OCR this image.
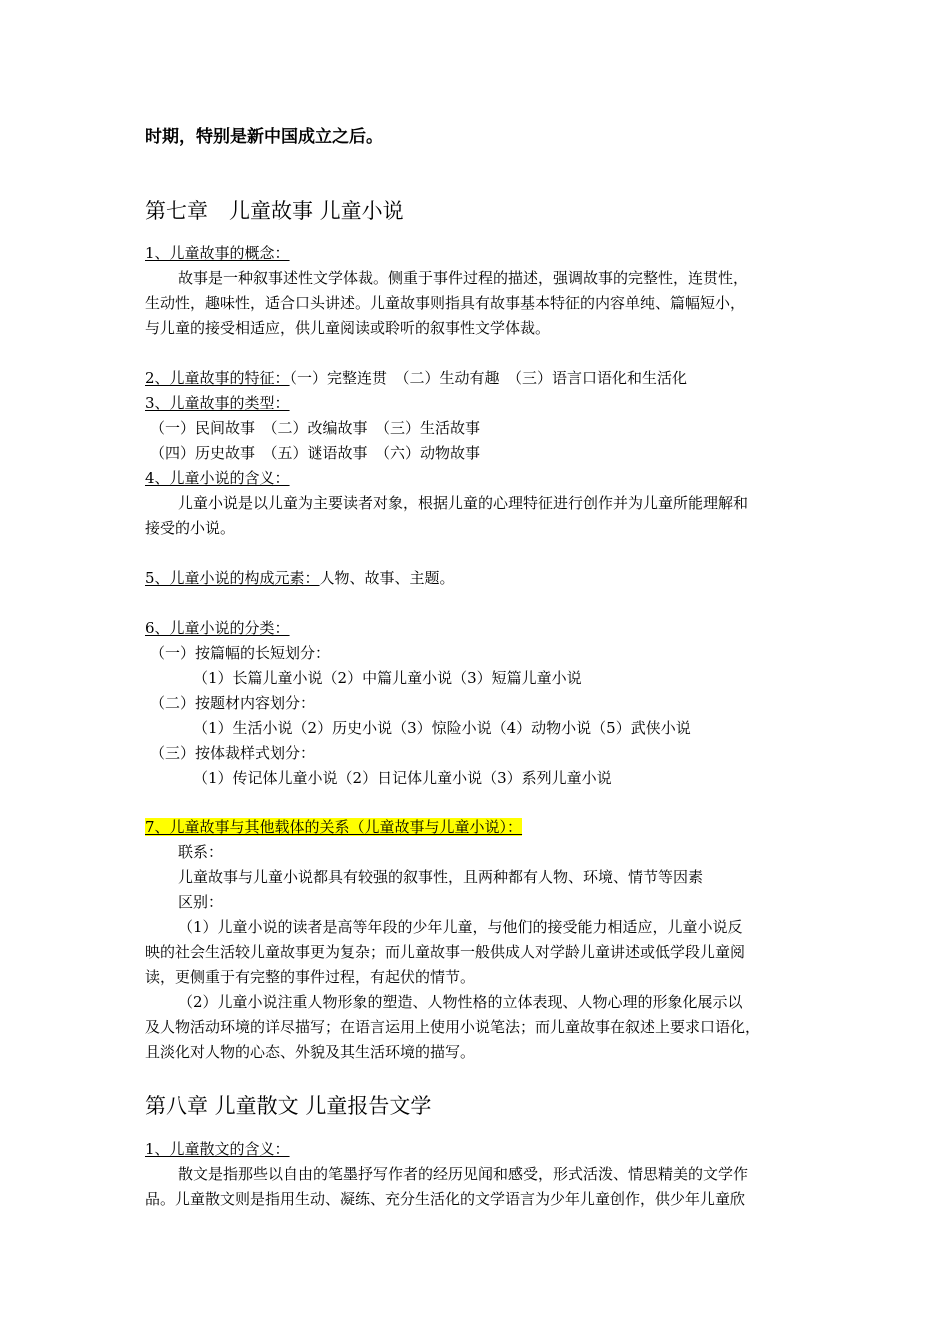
时期，特别是新中国成立之后。
第七章　儿童故事 儿童小说
1、儿童故事的概念：
故事是一种叙事述性文学体裁。侧重于事件过程的描述，强调故事的完整性，连贯性，
生动性，趣味性，适合口头讲述。儿童故事则指具有故事基本特征的内容单纯、篇幅短小，
与儿童的接受相适应，供儿童阅读或聆听的叙事性文学体裁。
2、儿童故事的特征：（一）完整连贯　（二）生动有趣　（三）语言口语化和生活化
3、儿童故事的类型：
（一）民间故事　（二）改编故事　（三）生活故事
（四）历史故事　（五）谜语故事　（六）动物故事
4、儿童小说的含义：
儿童小说是以儿童为主要读者对象，根据儿童的心理特征进行创作并为儿童所能理解和
接受的小说。
5、儿童小说的构成元素：人物、故事、主题。
6、儿童小说的分类：
（一）按篇幅的长短划分：
（1）长篇儿童小说（2）中篇儿童小说（3）短篇儿童小说
（二）按题材内容划分：
（1）生活小说（2）历史小说（3）惊险小说（4）动物小说（5）武侠小说
（三）按体裁样式划分：
（1）传记体儿童小说（2）日记体儿童小说（3）系列儿童小说
7、儿童故事与其他载体的关系（儿童故事与儿童小说）：
联系：
儿童故事与儿童小说都具有较强的叙事性，且两种都有人物、环境、情节等因素
区别：
（1）儿童小说的读者是高等年段的少年儿童，与他们的接受能力相适应，儿童小说反
映的社会生活较儿童故事更为复杂；而儿童故事一般供成人对学龄儿童讲述或低学段儿童阅
读，更侧重于有完整的事件过程，有起伏的情节。
（2）儿童小说注重人物形象的塑造、人物性格的立体表现、人物心理的形象化展示以
及人物活动环境的详尽描写；在语言运用上使用小说笔法；而儿童故事在叙述上要求口语化，
且淡化对人物的心态、外貌及其生活环境的描写。
第八章 儿童散文 儿童报告文学
1、儿童散文的含义：
散文是指那些以自由的笔墨抒写作者的经历见闻和感受，形式活泼、情思精美的文学作
品。儿童散文则是指用生动、凝练、充分生活化的文学语言为少年儿童创作，供少年儿童欣
